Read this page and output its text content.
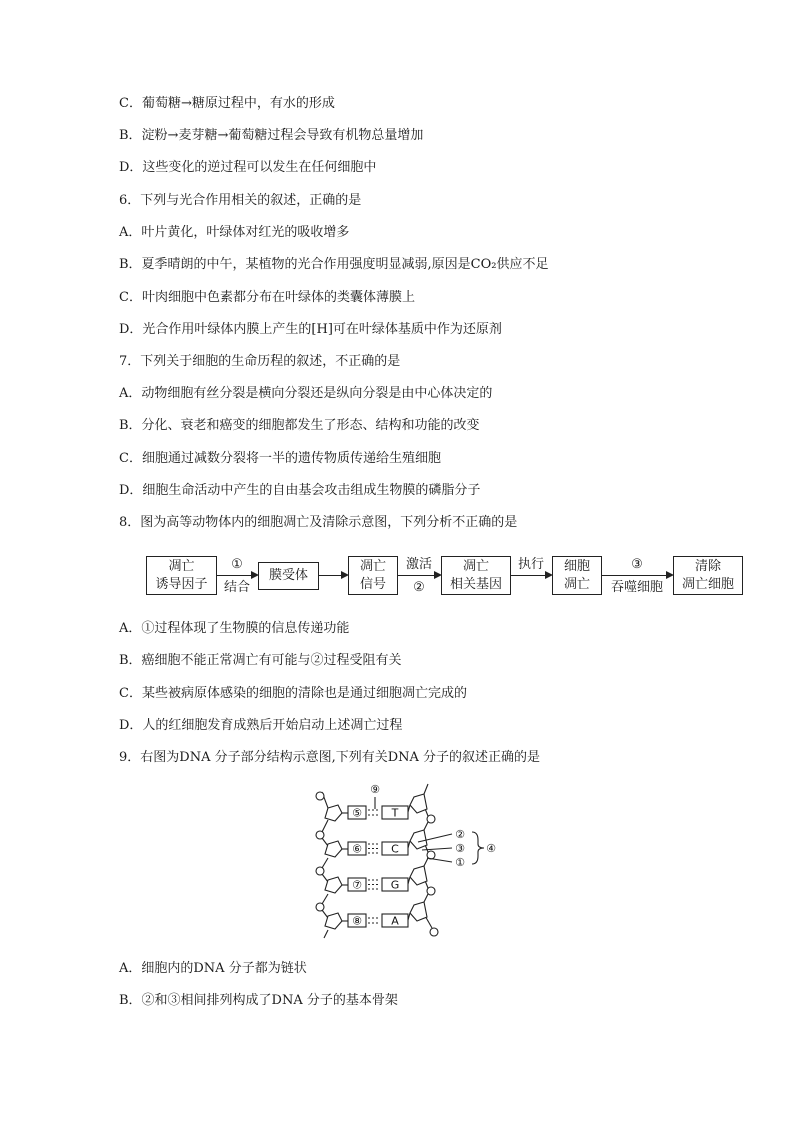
C．葡萄糖→糖原过程中，有水的形成
B．淀粉→麦芽糖→葡萄糖过程会导致有机物总量增加
D．这些变化的逆过程可以发生在任何细胞中
6．下列与光合作用相关的叙述，正确的是
A．叶片黄化，叶绿体对红光的吸收增多
B．夏季晴朗的中午，某植物的光合作用强度明显减弱,原因是CO₂供应不足
C．叶肉细胞中色素都分布在叶绿体的类囊体薄膜上
D．光合作用叶绿体内膜上产生的[H]可在叶绿体基质中作为还原剂
7．下列关于细胞的生命历程的叙述，不正确的是
A．动物细胞有丝分裂是横向分裂还是纵向分裂是由中心体决定的
B．分化、衰老和癌变的细胞都发生了形态、结构和功能的改变
C．细胞通过减数分裂将一半的遗传物质传递给生殖细胞
D．细胞生命活动中产生的自由基会攻击组成生物膜的磷脂分子
8．图为高等动物体内的细胞凋亡及清除示意图，下列分析不正确的是
凋亡
诱导因子
①
结合
膜受体
凋亡
信号
激活
②
凋亡
相关基因
执行	细胞
凋亡
③
吞噬细胞
清除
凋亡细胞
A．①过程体现了生物膜的信息传递功能
B．癌细胞不能正常凋亡有可能与②过程受阻有关
C．某些被病原体感染的细胞的清除也是通过细胞凋亡完成的
D．人的红细胞发育成熟后开始启动上述凋亡过程
9．右图为DNA 分子部分结构示意图,下列有关DNA 分子的叙述正确的是
⑤
⑥
⑦
⑧
T
C
G
A
⑨
②
③
①
④
A．细胞内的DNA 分子都为链状
B．②和③相间排列构成了DNA 分子的基本骨架
